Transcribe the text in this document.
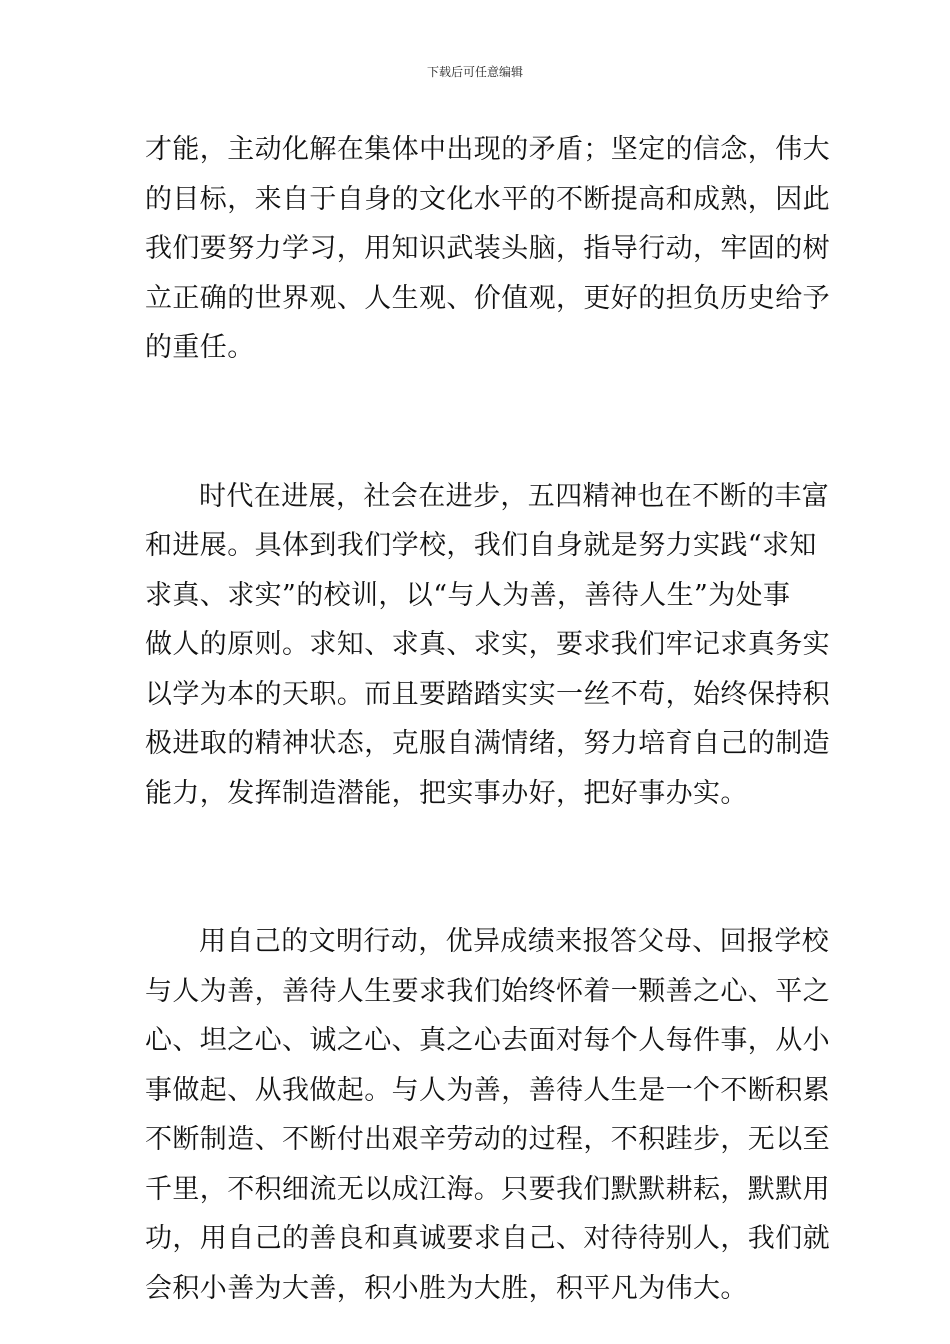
下载后可任意编辑
才能，主动化解在集体中出现的矛盾；坚定的信念，伟大
的目标，来自于自身的文化水平的不断提高和成熟，因此
我们要努力学习，用知识武装头脑，指导行动，牢固的树
立正确的世界观、人生观、价值观，更好的担负历史给予
的重任。
时代在进展，社会在进步，五四精神也在不断的丰富
和进展。具体到我们学校，我们自身就是努力实践“求知
求真、求实”的校训，以“与人为善，善待人生”为处事
做人的原则。求知、求真、求实，要求我们牢记求真务实
以学为本的天职。而且要踏踏实实一丝不苟，始终保持积
极进取的精神状态，克服自满情绪，努力培育自己的制造
能力，发挥制造潜能，把实事办好，把好事办实。
用自己的文明行动，优异成绩来报答父母、回报学校
与人为善，善待人生要求我们始终怀着一颗善之心、平之
心、坦之心、诚之心、真之心去面对每个人每件事，从小
事做起、从我做起。与人为善，善待人生是一个不断积累
不断制造、不断付出艰辛劳动的过程，不积跬步，无以至
千里，不积细流无以成江海。只要我们默默耕耘，默默用
功，用自己的善良和真诚要求自己、对待待别人，我们就
会积小善为大善，积小胜为大胜，积平凡为伟大。
